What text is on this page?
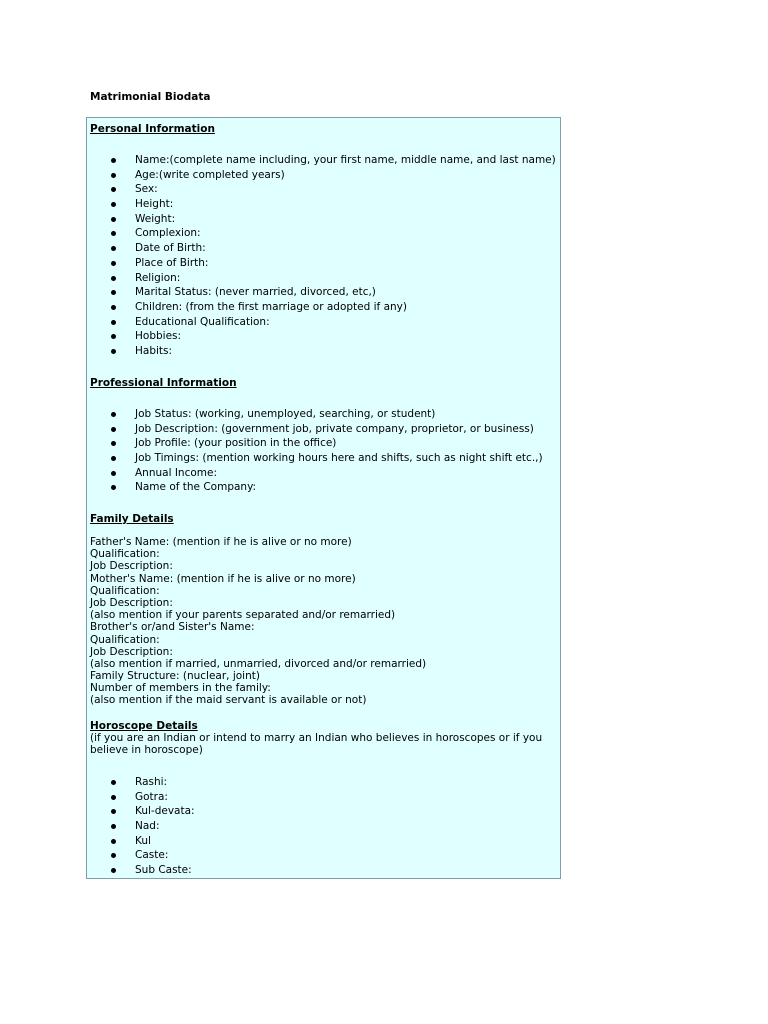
Matrimonial Biodata
Personal Information
Name:(complete name including, your first name, middle name, and last name)
Age:(write completed years)
Sex:
Height:
Weight:
Complexion:
Date of Birth:
Place of Birth:
Religion:
Marital Status: (never married, divorced, etc,)
Children: (from the first marriage or adopted if any)
Educational Qualification:
Hobbies:
Habits:
Professional Information
Job Status: (working, unemployed, searching, or student)
Job Description: (government job, private company, proprietor, or business)
Job Profile: (your position in the office)
Job Timings: (mention working hours here and shifts, such as night shift etc.,)
Annual Income:
Name of the Company:
Family Details
Father's Name: (mention if he is alive or no more)
Qualification:
Job Description:
Mother's Name: (mention if he is alive or no more)
Qualification:
Job Description:
(also mention if your parents separated and/or remarried)
Brother's or/and Sister's Name:
Qualification:
Job Description:
(also mention if married, unmarried, divorced and/or remarried)
Family Structure: (nuclear, joint)
Number of members in the family:
(also mention if the maid servant is available or not)
Horoscope Details
(if you are an Indian or intend to marry an Indian who believes in horoscopes or if you believe in horoscope)
Rashi:
Gotra:
Kul-devata:
Nad:
Kul
Caste:
Sub Caste:
